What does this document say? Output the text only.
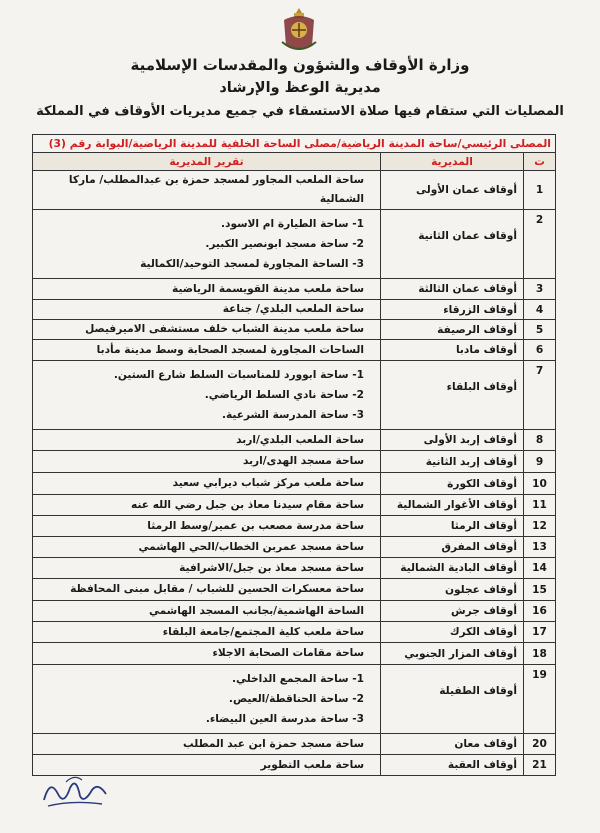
وزارة الأوقاف والشؤون والمقدسات الإسلامية
مديرية الوعظ والإرشاد
المصليات التي ستقام فيها صلاة الاستسقاء في جميع مديريات الأوقاف في المملكة
المصلى الرئيسي/ساحة المدينة الرياضية/مصلى الساحة الخلفية للمدينة الرياضية/البوابة رقم (3)		
ت	المديرية	تقرير المديرية
1	أوقاف عمان الأولى	ساحة الملعب المجاور لمسجد حمزة بن عبدالمطلب/ ماركا الشمالية

2	أوقاف عمان الثانية	1- ساحة الطيارة ام الاسود.
2- ساحة مسجد ابونصير الكبير.
3- الساحة المجاورة لمسجد التوحيد/الكمالية

3	أوقاف عمان الثالثة	ساحة ملعب مدينة القويسمة الرياضية

4	أوقاف الزرقاء	ساحة الملعب البلدي/ جناعة

5	أوقاف الرصيفة	ساحة ملعب مدينة الشباب خلف مستشفى الاميرفيصل

6	أوقاف مادبا	الساحات المجاورة لمسجد الصحابة وسط مدينة مأدبا

7	أوقاف البلقاء	1- ساحة ابوورد للمناسبات السلط شارع الستين.
2- ساحة نادي السلط الرياضي.
3- ساحة المدرسة الشرعية.

8	أوقاف إربد الأولى	ساحة الملعب البلدي/اربد

9	أوقاف إربد الثانية	ساحة مسجد الهدى/اربد

10	أوقاف الكورة	ساحة ملعب مركز شباب ديرابي سعيد

11	أوقاف الأغوار الشمالية	ساحة مقام سيدنا معاذ بن جبل رضي الله عنه

12	أوقاف الرمثا	ساحة مدرسة مصعب بن عمير/وسط الرمثا

13	أوقاف المفرق	ساحة مسجد عمربن الخطاب/الحي الهاشمي

14	أوقاف البادية الشمالية	ساحة مسجد معاذ بن جبل/الاشرافية

15	أوقاف عجلون	ساحة معسكرات الحسين للشباب / مقابل مبنى المحافظة

16	أوقاف جرش	الساحة الهاشمية/بجانب المسجد الهاشمي

17	أوقاف الكرك	ساحة ملعب كلية المجتمع/جامعة البلقاء

18	أوقاف المزار الجنوبي	ساحة مقامات الصحابة الاجلاء

19	أوقاف الطفيلة	1- ساحة المجمع الداخلي.
2- ساحة الحناقطة/العيص.
3- ساحة مدرسة العين البيضاء.

20	أوقاف معان	ساحة مسجد حمزة ابن عبد المطلب

21	أوقاف العقبة	ساحة ملعب التطوير
